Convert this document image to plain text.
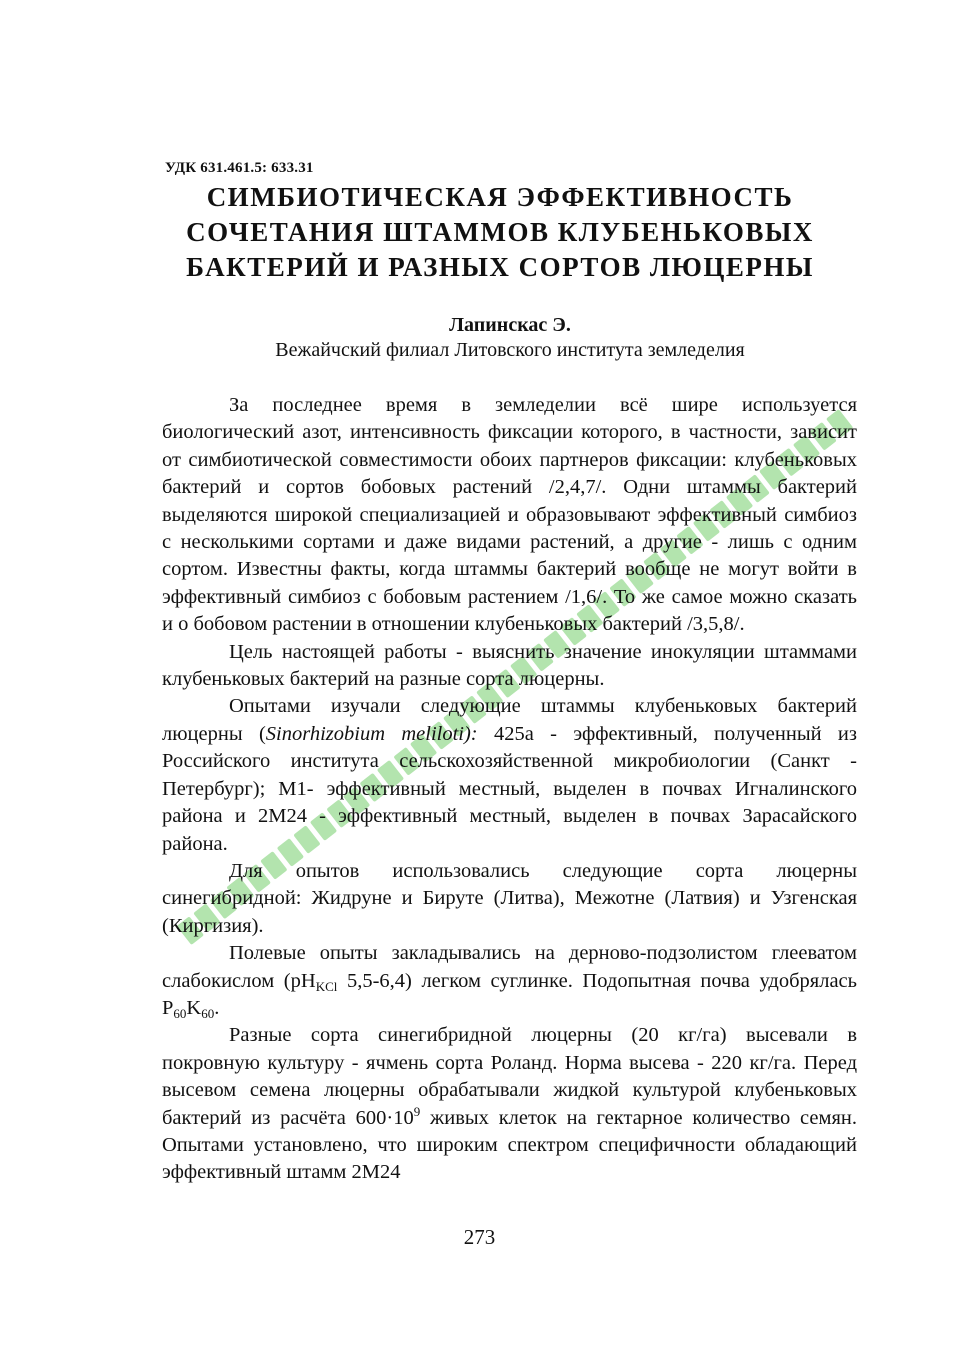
УДК 631.461.5: 633.31
СИМБИОТИЧЕСКАЯ ЭФФЕКТИВНОСТЬ
СОЧЕТАНИЯ ШТАММОВ КЛУБЕНЬКОВЫХ
БАКТЕРИЙ И РАЗНЫХ СОРТОВ ЛЮЦЕРНЫ
Лапинскас Э.
Вежайчский филиал Литовского института земледелия

За последнее время в земледелии всё шире используется биологический азот, интенсивность фиксации которого, в частности, зависит от симбиотической совместимости обоих партнеров фиксации: клубеньковых бактерий и сортов бобовых растений /2,4,7/. Одни штаммы бактерий выделяются широкой специализацией и образовывают эффективный симбиоз с несколькими сортами и даже видами растений, а другие - лишь с одним сортом. Известны факты, когда штаммы бактерий вообще не могут войти в эффективный симбиоз с бобовым растением /1,6/. То же самое можно сказать и о бобовом растении в отношении клубеньковых бактерий /3,5,8/.

Цель настоящей работы - выяснить значение инокуляции штаммами клубеньковых бактерий на разные сорта люцерны.

Опытами изучали следующие штаммы клубеньковых бактерий люцерны (Sinorhizobium meliloti): 425а - эффективный, полученный из Российского института сельскохозяйственной микробиологии (Санкт - Петербург); М1- эффективный местный, выделен в почвах Игналинского района и 2М24 - эффективный местный, выделен в почвах Зарасайского района.

Для опытов использовались следующие сорта люцерны синегибридной: Жидруне и Бируте (Литва), Межотне (Латвия) и Узгенская (Киргизия).

Полевые опыты закладывались на дерново-подзолистом глееватом слабокислом ($рН_{KCl}$ 5,5-6,4) легком суглинке. Подопытная почва удобрялась $P_{60}K_{60}$.

Разные сорта синегибридной люцерны (20 кг/га) высевали в покровную культуру - ячмень сорта Роланд. Норма высева - 220 кг/га. Перед высевом семена люцерны обрабатывали жидкой культурой клубеньковых бактерий из расчёта $600\cdot 10^9$ живых клеток на гектарное количество семян. Опытами установлено, что широким спектром специфичности обладающий эффективный штамм 2М24

273
